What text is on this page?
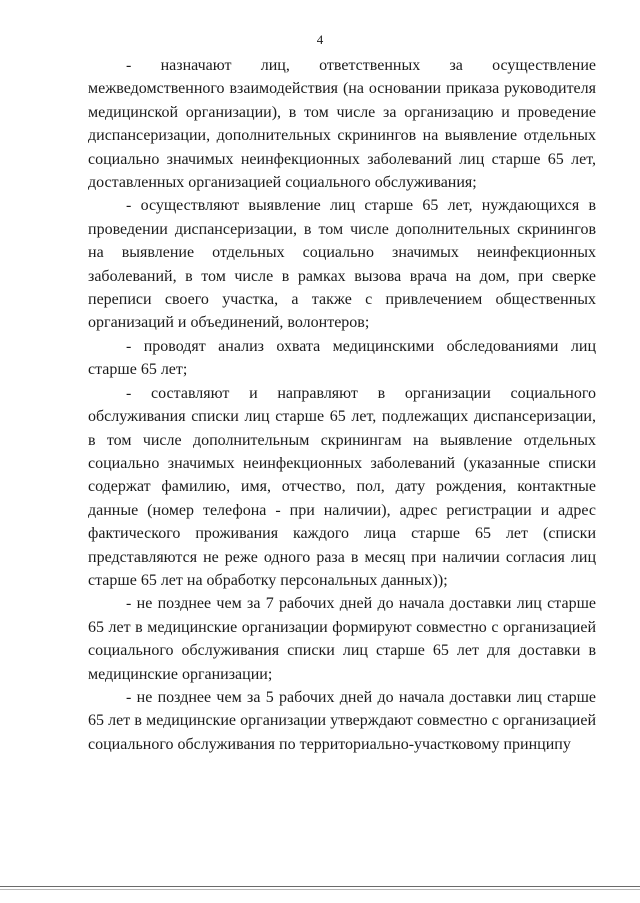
4

- назначают лиц, ответственных за осуществление межведомственного взаимодействия (на основании приказа руководителя медицинской организации), в том числе за организацию и проведение диспансеризации, дополнительных скринингов на выявление отдельных социально значимых неинфекционных заболеваний лиц старше 65 лет, доставленных организацией социального обслуживания;

- осуществляют выявление лиц старше 65 лет, нуждающихся в проведении диспансеризации, в том числе дополнительных скринингов на выявление отдельных социально значимых неинфекционных заболеваний, в том числе в рамках вызова врача на дом, при сверке переписи своего участка, а также с привлечением общественных организаций и объединений, волонтеров;

- проводят анализ охвата медицинскими обследованиями лиц старше 65 лет;

- составляют и направляют в организации социального обслуживания списки лиц старше 65 лет, подлежащих диспансеризации, в том числе дополнительным скринингам на выявление отдельных социально значимых неинфекционных заболеваний (указанные списки содержат фамилию, имя, отчество, пол, дату рождения, контактные данные (номер телефона - при наличии), адрес регистрации и адрес фактического проживания каждого лица старше 65 лет (списки представляются не реже одного раза в месяц при наличии согласия лиц старше 65 лет на обработку персональных данных));

- не позднее чем за 7 рабочих дней до начала доставки лиц старше 65 лет в медицинские организации формируют совместно с организацией социального обслуживания списки лиц старше 65 лет для доставки в медицинские организации;

- не позднее чем за 5 рабочих дней до начала доставки лиц старше 65 лет в медицинские организации утверждают совместно с организацией социального обслуживания по территориально-участковому принципу
